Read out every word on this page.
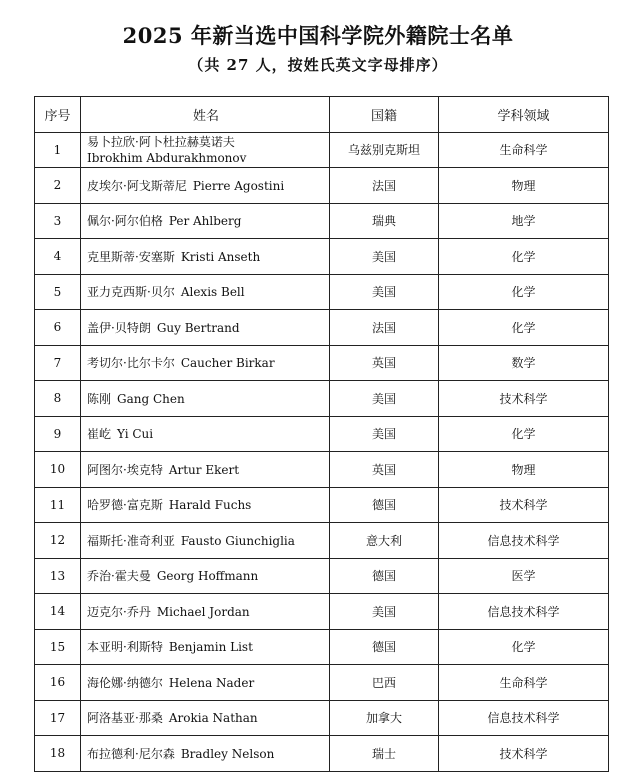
2025 年新当选中国科学院外籍院士名单
（共 27 人，按姓氏英文字母排序）
序号	姓名	国籍	学科领域
1	易卜拉欣·阿卜杜拉赫莫诺夫
Ibrokhim Abdurakhmonov	乌兹别克斯坦	生命科学
2	皮埃尔·阿戈斯蒂尼 Pierre Agostini	法国	物理
3	佩尔·阿尔伯格 Per Ahlberg	瑞典	地学
4	克里斯蒂·安塞斯 Kristi Anseth	美国	化学
5	亚力克西斯·贝尔 Alexis Bell	美国	化学
6	盖伊·贝特朗 Guy Bertrand	法国	化学
7	考切尔·比尔卡尔 Caucher Birkar	英国	数学
8	陈刚 Gang Chen	美国	技术科学
9	崔屹 Yi Cui	美国	化学
10	阿图尔·埃克特 Artur Ekert	英国	物理
11	哈罗德·富克斯 Harald Fuchs	德国	技术科学
12	福斯托·准奇利亚 Fausto Giunchiglia	意大利	信息技术科学
13	乔治·霍夫曼 Georg Hoffmann	德国	医学
14	迈克尔·乔丹 Michael Jordan	美国	信息技术科学
15	本亚明·利斯特 Benjamin List	德国	化学
16	海伦娜·纳德尔 Helena Nader	巴西	生命科学
17	阿洛基亚·那桑 Arokia Nathan	加拿大	信息技术科学
18	布拉德利·尼尔森 Bradley Nelson	瑞士	技术科学
